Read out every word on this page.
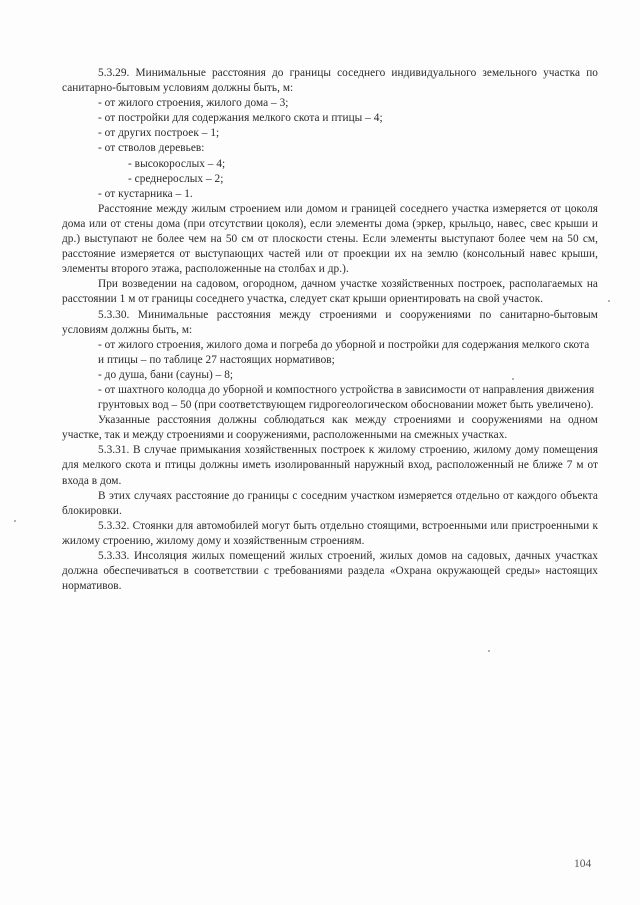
5.3.29. Минимальные расстояния до границы соседнего индивидуального земельного участка по санитарно-бытовым условиям должны быть, м:

- от жилого строения, жилого дома – 3;

- от постройки для содержания мелкого скота и птицы – 4;

- от других построек – 1;

- от стволов деревьев:

- высокорослых – 4;

- среднерослых – 2;

- от кустарника – 1.

Расстояние между жилым строением или домом и границей соседнего участка измеряется от цоколя дома или от стены дома (при отсутствии цоколя), если элементы дома (эркер, крыльцо, навес, свес крыши и др.) выступают не более чем на 50 см от плоскости стены. Если элементы выступают более чем на 50 см, расстояние измеряется от выступающих частей или от проекции их на землю (консольный навес крыши, элементы второго этажа, расположенные на столбах и др.).

При возведении на садовом, огородном, дачном участке хозяйственных построек, располагаемых на расстоянии 1 м от границы соседнего участка, следует скат крыши ориентировать на свой участок.

5.3.30. Минимальные расстояния между строениями и сооружениями по санитарно-бытовым условиям должны быть, м:

- от жилого строения, жилого дома и погреба до уборной и постройки для содержания мелкого скота и птицы – по таблице 27 настоящих нормативов;

- до душа, бани (сауны) – 8;

- от шахтного колодца до уборной и компостного устройства в зависимости от направления движения грунтовых вод – 50 (при соответствующем гидрогеологическом обосновании может быть увеличено).

Указанные расстояния должны соблюдаться как между строениями и сооружениями на одном участке, так и между строениями и сооружениями, расположенными на смежных участках.

5.3.31. В случае примыкания хозяйственных построек к жилому строению, жилому дому помещения для мелкого скота и птицы должны иметь изолированный наружный вход, расположенный не ближе 7 м от входа в дом.

В этих случаях расстояние до границы с соседним участком измеряется отдельно от каждого объекта блокировки.

5.3.32. Стоянки для автомобилей могут быть отдельно стоящими, встроенными или пристроенными к жилому строению, жилому дому и хозяйственным строениям.

5.3.33. Инсоляция жилых помещений жилых строений, жилых домов на садовых, дачных участках должна обеспечиваться в соответствии с требованиями раздела «Охрана окружающей среды» настоящих нормативов.

104
